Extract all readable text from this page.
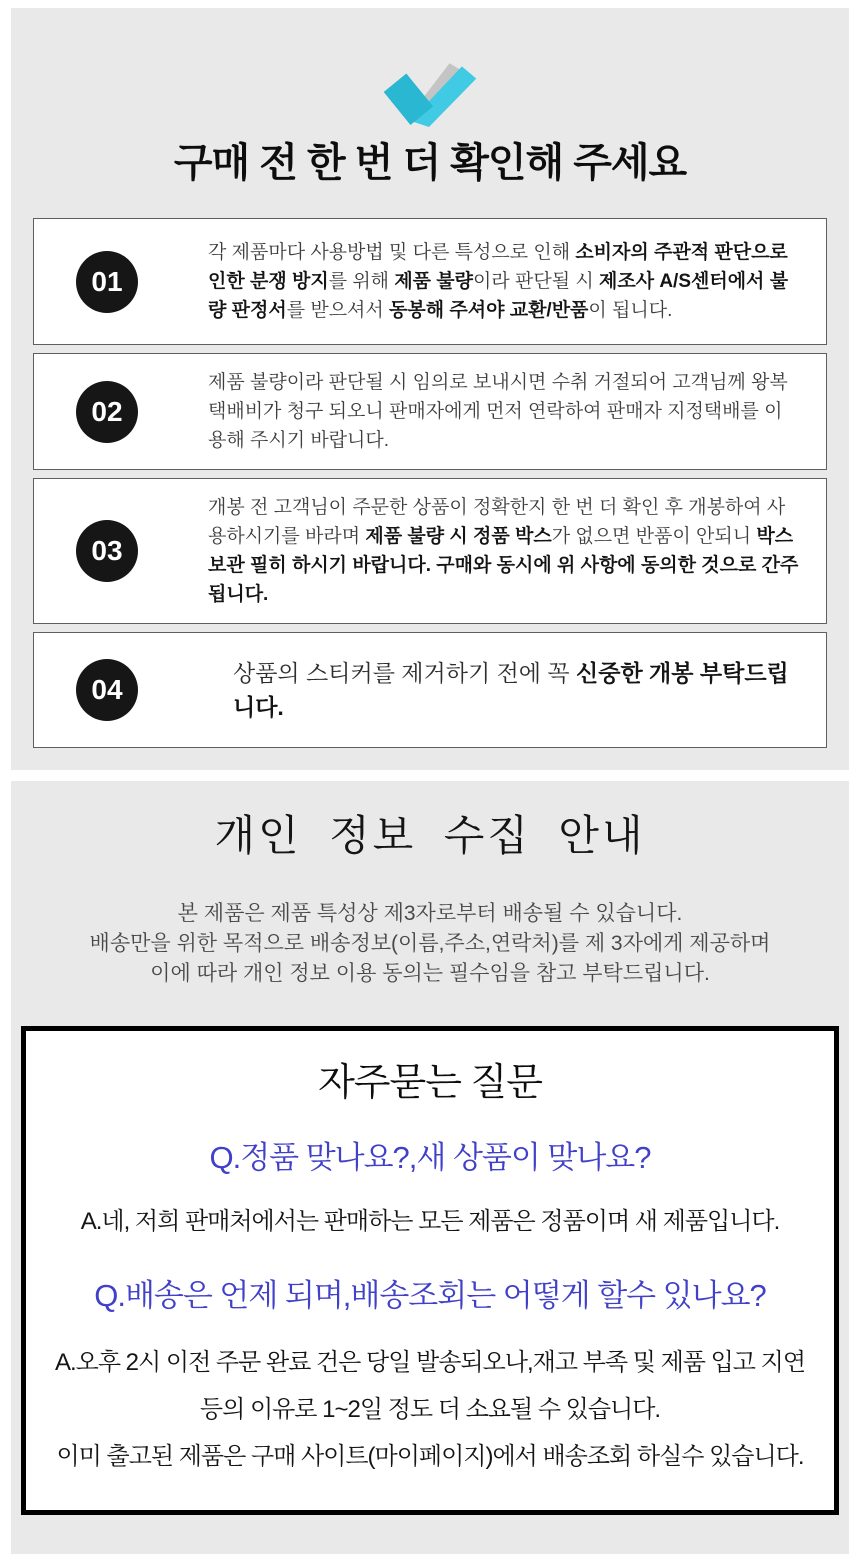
구매 전 한 번 더 확인해 주세요
01

각 제품마다 사용방법 및 다른 특성으로 인해 소비자의 주관적 판단으로 인한 분쟁 방지를 위해 제품 불량이라 판단될 시 제조사 A/S센터에서 불량 판정서를 받으셔서 동봉해 주셔야 교환/반품이 됩니다.

02

제품 불량이라 판단될 시 임의로 보내시면 수취 거절되어 고객님께 왕복 택배비가 청구 되오니 판매자에게 먼저 연락하여 판매자 지정택배를 이용해 주시기 바랍니다.

03

개봉 전 고객님이 주문한 상품이 정확한지 한 번 더 확인 후 개봉하여 사용하시기를 바라며 제품 불량 시 정품 박스가 없으면 반품이 안되니 박스 보관 필히 하시기 바랍니다. 구매와 동시에 위 사항에 동의한 것으로 간주됩니다.

04

상품의 스티커를 제거하기 전에 꼭 신중한 개봉 부탁드립니다.

개인 정보 수집 안내

본 제품은 제품 특성상 제3자로부터 배송될 수 있습니다.
배송만을 위한 목적으로 배송정보(이름,주소,연락처)를 제 3자에게 제공하며
이에 따라 개인 정보 이용 동의는 필수임을 참고 부탁드립니다.

자주묻는 질문

Q.정품 맞나요?,새 상품이 맞나요?

A.네, 저희 판매처에서는 판매하는 모든 제품은 정품이며 새 제품입니다.

Q.배송은 언제 되며,배송조회는 어떻게 할수 있나요?

A.오후 2시 이전 주문 완료 건은 당일 발송되오나,재고 부족 및 제품 입고 지연
등의 이유로 1~2일 정도 더 소요될 수 있습니다.
이미 출고된 제품은 구매 사이트(마이페이지)에서 배송조회 하실수 있습니다.
